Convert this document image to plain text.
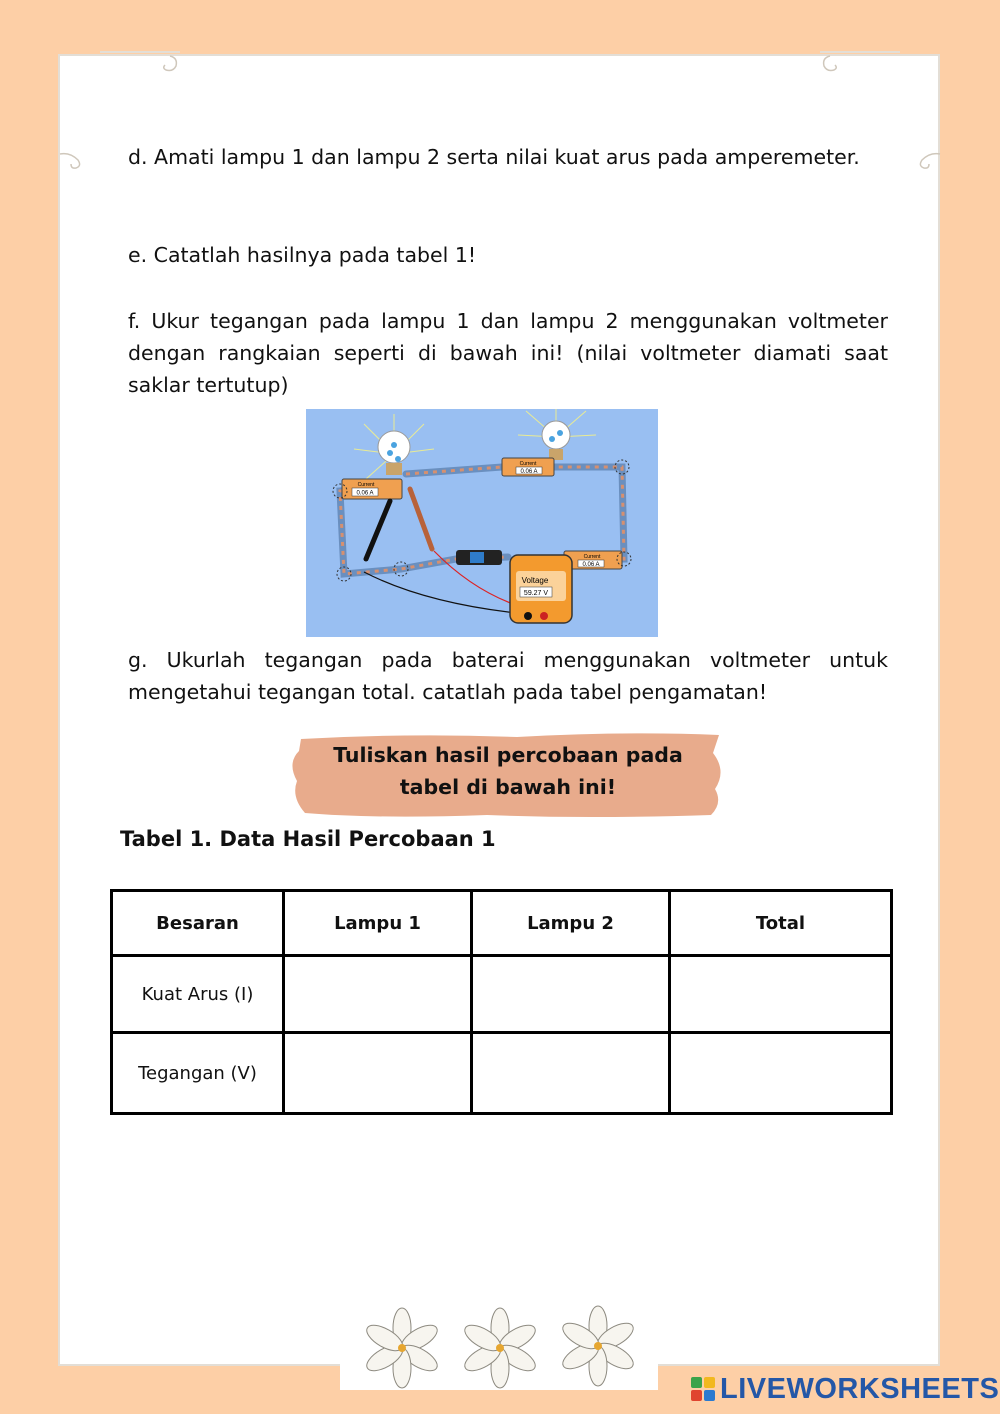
d. Amati lampu 1 dan lampu 2 serta nilai kuat arus pada amperemeter.

e. Catatlah hasilnya pada tabel 1!

f. Ukur tegangan pada lampu 1 dan lampu 2 menggunakan voltmeter dengan rangkaian seperti di bawah ini! (nilai voltmeter diamati saat saklar tertutup)

Current
0.06 A
Current
0.06 A
Current
0.06 A
Voltage
59.27 V

g. Ukurlah tegangan pada baterai menggunakan voltmeter untuk mengetahui tegangan total. catatlah pada tabel pengamatan!

Tuliskan hasil percobaan pada
tabel di bawah ini!
Tabel 1. Data Hasil Percobaan 1
Besaran	Lampu 1	Lampu 2	Total
Kuat Arus (I)			
Tegangan (V)			
LIVEWORKSHEETS
